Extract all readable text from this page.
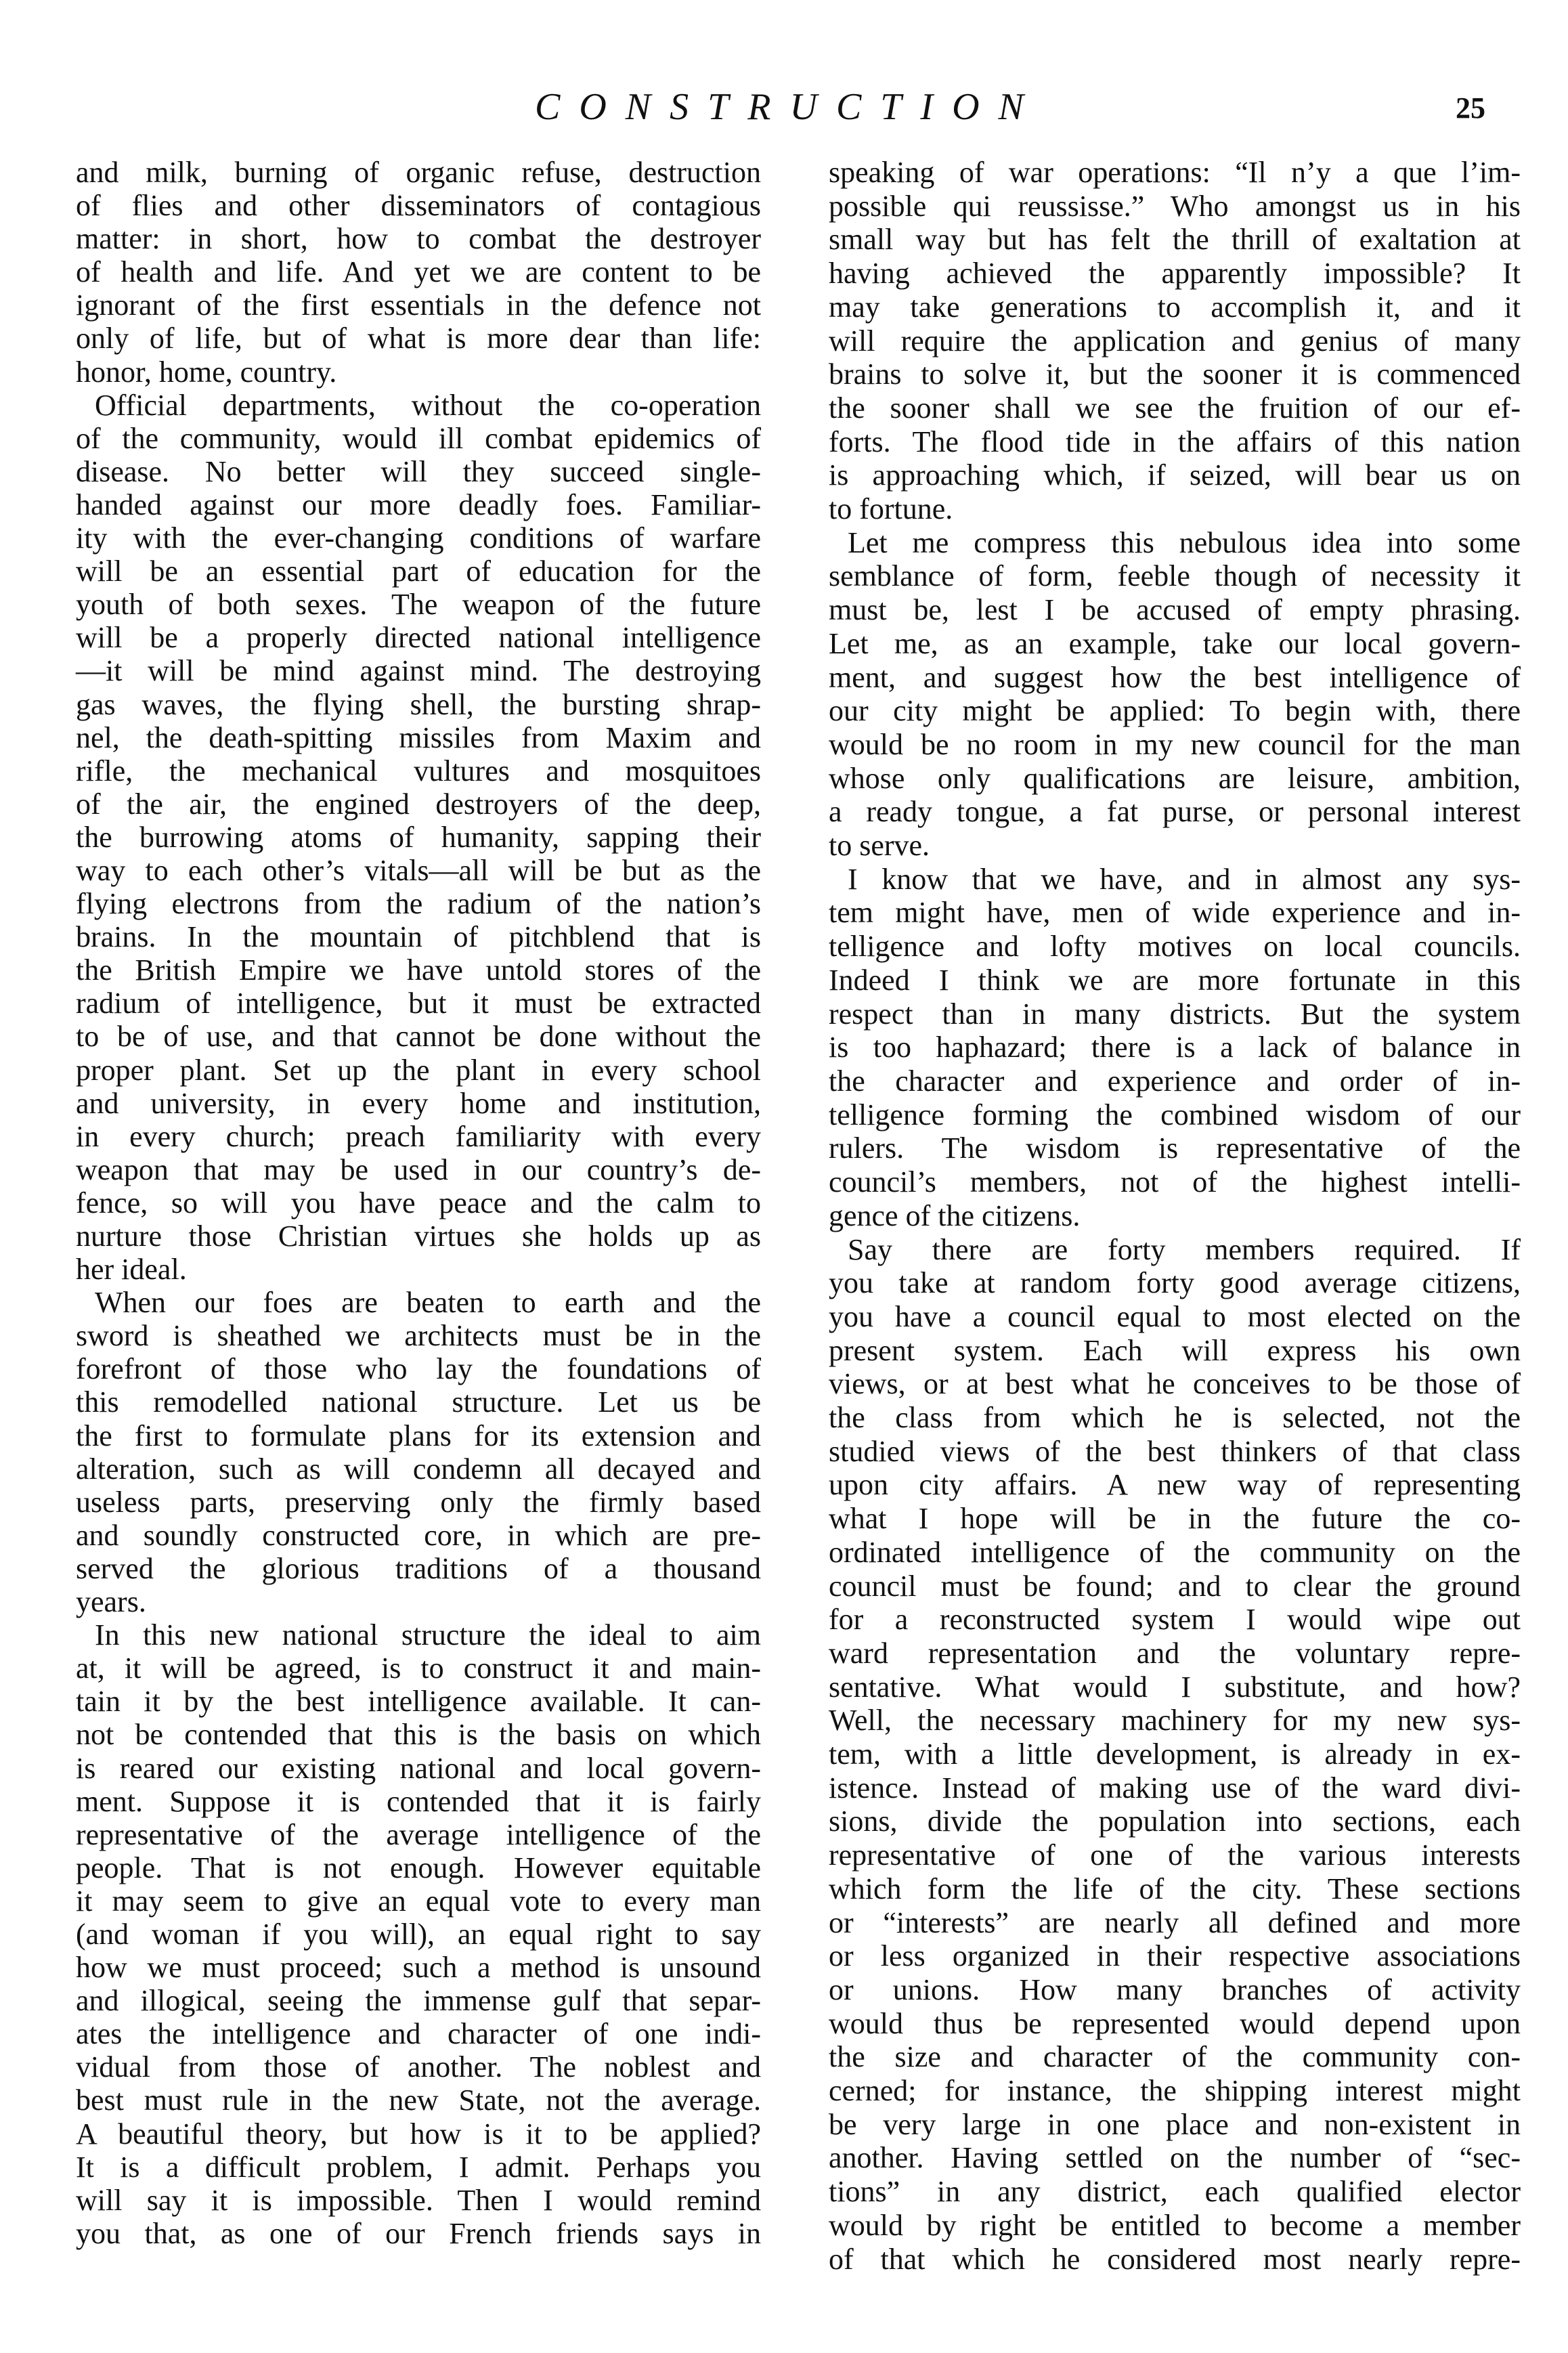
CONSTRUCTION	25
and milk, burning of organic refuse, destruction
of flies and other disseminators of contagious
matter: in short, how to combat the destroyer
of health and life. And yet we are content to be
ignorant of the first essentials in the defence not
only of life, but of what is more dear than life:
honor, home, country.
Official departments, without the co-operation
of the community, would ill combat epidemics of
disease. No better will they succeed single-
handed against our more deadly foes. Familiar-
ity with the ever-changing conditions of warfare
will be an essential part of education for the
youth of both sexes. The weapon of the future
will be a properly directed national intelligence
—it will be mind against mind. The destroying
gas waves, the flying shell, the bursting shrap-
nel, the death-spitting missiles from Maxim and
rifle, the mechanical vultures and mosquitoes
of the air, the engined destroyers of the deep,
the burrowing atoms of humanity, sapping their
way to each other’s vitals—all will be but as the
flying electrons from the radium of the nation’s
brains. In the mountain of pitchblend that is
the British Empire we have untold stores of the
radium of intelligence, but it must be extracted
to be of use, and that cannot be done without the
proper plant. Set up the plant in every school
and university, in every home and institution,
in every church; preach familiarity with every
weapon that may be used in our country’s de-
fence, so will you have peace and the calm to
nurture those Christian virtues she holds up as
her ideal.
When our foes are beaten to earth and the
sword is sheathed we architects must be in the
forefront of those who lay the foundations of
this remodelled national structure. Let us be
the first to formulate plans for its extension and
alteration, such as will condemn all decayed and
useless parts, preserving only the firmly based
and soundly constructed core, in which are pre-
served the glorious traditions of a thousand
years.
In this new national structure the ideal to aim
at, it will be agreed, is to construct it and main-
tain it by the best intelligence available. It can-
not be contended that this is the basis on which
is reared our existing national and local govern-
ment. Suppose it is contended that it is fairly
representative of the average intelligence of the
people. That is not enough. However equitable
it may seem to give an equal vote to every man
(and woman if you will), an equal right to say
how we must proceed; such a method is unsound
and illogical, seeing the immense gulf that separ-
ates the intelligence and character of one indi-
vidual from those of another. The noblest and
best must rule in the new State, not the average.
A beautiful theory, but how is it to be applied?
It is a difficult problem, I admit. Perhaps you
will say it is impossible. Then I would remind
you that, as one of our French friends says in
speaking of war operations: “Il n’y a que l’im-
possible qui reussisse.” Who amongst us in his
small way but has felt the thrill of exaltation at
having achieved the apparently impossible? It
may take generations to accomplish it, and it
will require the application and genius of many
brains to solve it, but the sooner it is commenced
the sooner shall we see the fruition of our ef-
forts. The flood tide in the affairs of this nation
is approaching which, if seized, will bear us on
to fortune.
Let me compress this nebulous idea into some
semblance of form, feeble though of necessity it
must be, lest I be accused of empty phrasing.
Let me, as an example, take our local govern-
ment, and suggest how the best intelligence of
our city might be applied: To begin with, there
would be no room in my new council for the man
whose only qualifications are leisure, ambition,
a ready tongue, a fat purse, or personal interest
to serve.
I know that we have, and in almost any sys-
tem might have, men of wide experience and in-
telligence and lofty motives on local councils.
Indeed I think we are more fortunate in this
respect than in many districts. But the system
is too haphazard; there is a lack of balance in
the character and experience and order of in-
telligence forming the combined wisdom of our
rulers. The wisdom is representative of the
council’s members, not of the highest intelli-
gence of the citizens.
Say there are forty members required. If
you take at random forty good average citizens,
you have a council equal to most elected on the
present system. Each will express his own
views, or at best what he conceives to be those of
the class from which he is selected, not the
studied views of the best thinkers of that class
upon city affairs. A new way of representing
what I hope will be in the future the co-
ordinated intelligence of the community on the
council must be found; and to clear the ground
for a reconstructed system I would wipe out
ward representation and the voluntary repre-
sentative. What would I substitute, and how?
Well, the necessary machinery for my new sys-
tem, with a little development, is already in ex-
istence. Instead of making use of the ward divi-
sions, divide the population into sections, each
representative of one of the various interests
which form the life of the city. These sections
or “interests” are nearly all defined and more
or less organized in their respective associations
or unions. How many branches of activity
would thus be represented would depend upon
the size and character of the community con-
cerned; for instance, the shipping interest might
be very large in one place and non-existent in
another. Having settled on the number of “sec-
tions” in any district, each qualified elector
would by right be entitled to become a member
of that which he considered most nearly repre-
